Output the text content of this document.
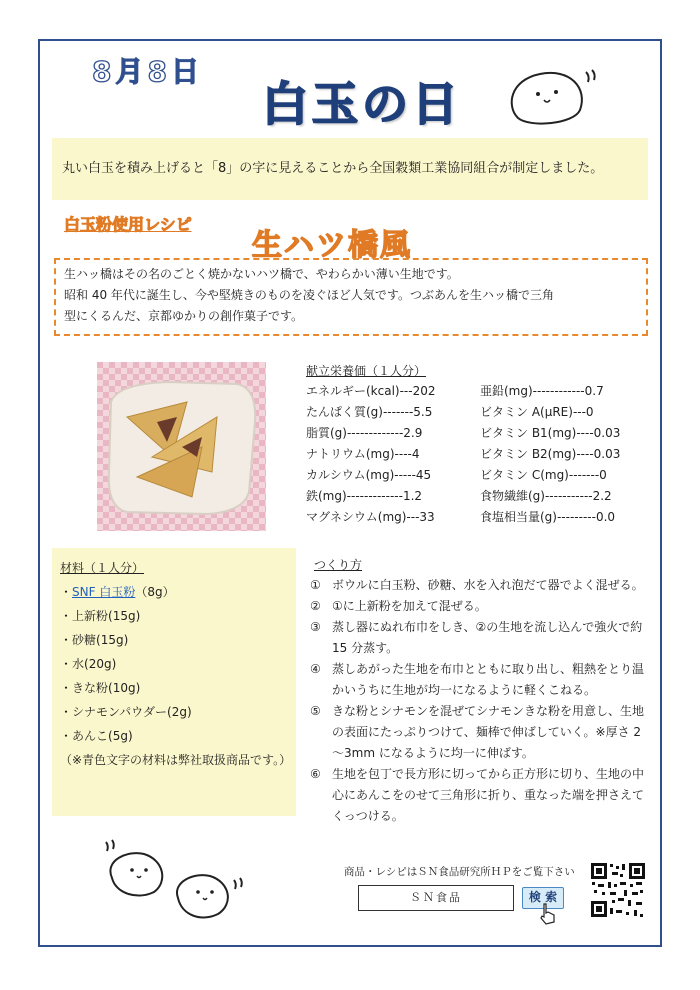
8月8日
白玉の日
丸い白玉を積み上げると「8」の字に見えることから全国穀類工業協同組合が制定しました。
白玉粉使用レシピ
生ハツ橋風

生ハッ橋はその名のごとく焼かないハツ橋で、やわらかい薄い生地です。

昭和 40 年代に誕生し、今や堅焼きのものを凌ぐほど人気です。つぶあんを生ハッ橋で三角

型にくるんだ、京都ゆかりの創作菓子です。

献立栄養価（１人分）
エネルギー(kcal)---202
たんぱく質(g)-------5.5
脂質(g)-------------2.9
ナトリウム(mg)----4
カルシウム(mg)-----45
鉄(mg)-------------1.2
マグネシウム(mg)---33
亜鉛(mg)------------0.7
ビタミン A(μRE)---0
ビタミン B1(mg)----0.03
ビタミン B2(mg)----0.03
ビタミン C(mg)-------0
食物繊維(g)-----------2.2
食塩相当量(g)---------0.0
材料（１人分）
・SNF 白玉粉（8g）
・上新粉(15g)
・砂糖(15g)
・水(20g)
・きな粉(10g)
・シナモンパウダー(2g)
・あんこ(5g)
（※青色文字の材料は弊社取扱商品です。）
つくり方
① ボウルに白玉粉、砂糖、水を入れ泡だて器でよく混ぜる。
② ①に上新粉を加えて混ぜる。
③ 蒸し器にぬれ布巾をしき、②の生地を流し込んで強火で約 15 分蒸す。
④ 蒸しあがった生地を布巾とともに取り出し、粗熱をとり温かいうちに生地が均一になるように軽くこねる。
⑤ きな粉とシナモンを混ぜてシナモンきな粉を用意し、生地の表面にたっぷりつけて、麺棒で伸ばしていく。※厚さ 2～3mm になるように均一に伸ばす。
⑥ 生地を包丁で長方形に切ってから正方形に切り、生地の中心にあんこをのせて三角形に折り、重なった端を押さえてくっつける。
商品・レシピはＳＮ食品研究所ＨＰをご覧下さい
ＳＮ食品	検 索
